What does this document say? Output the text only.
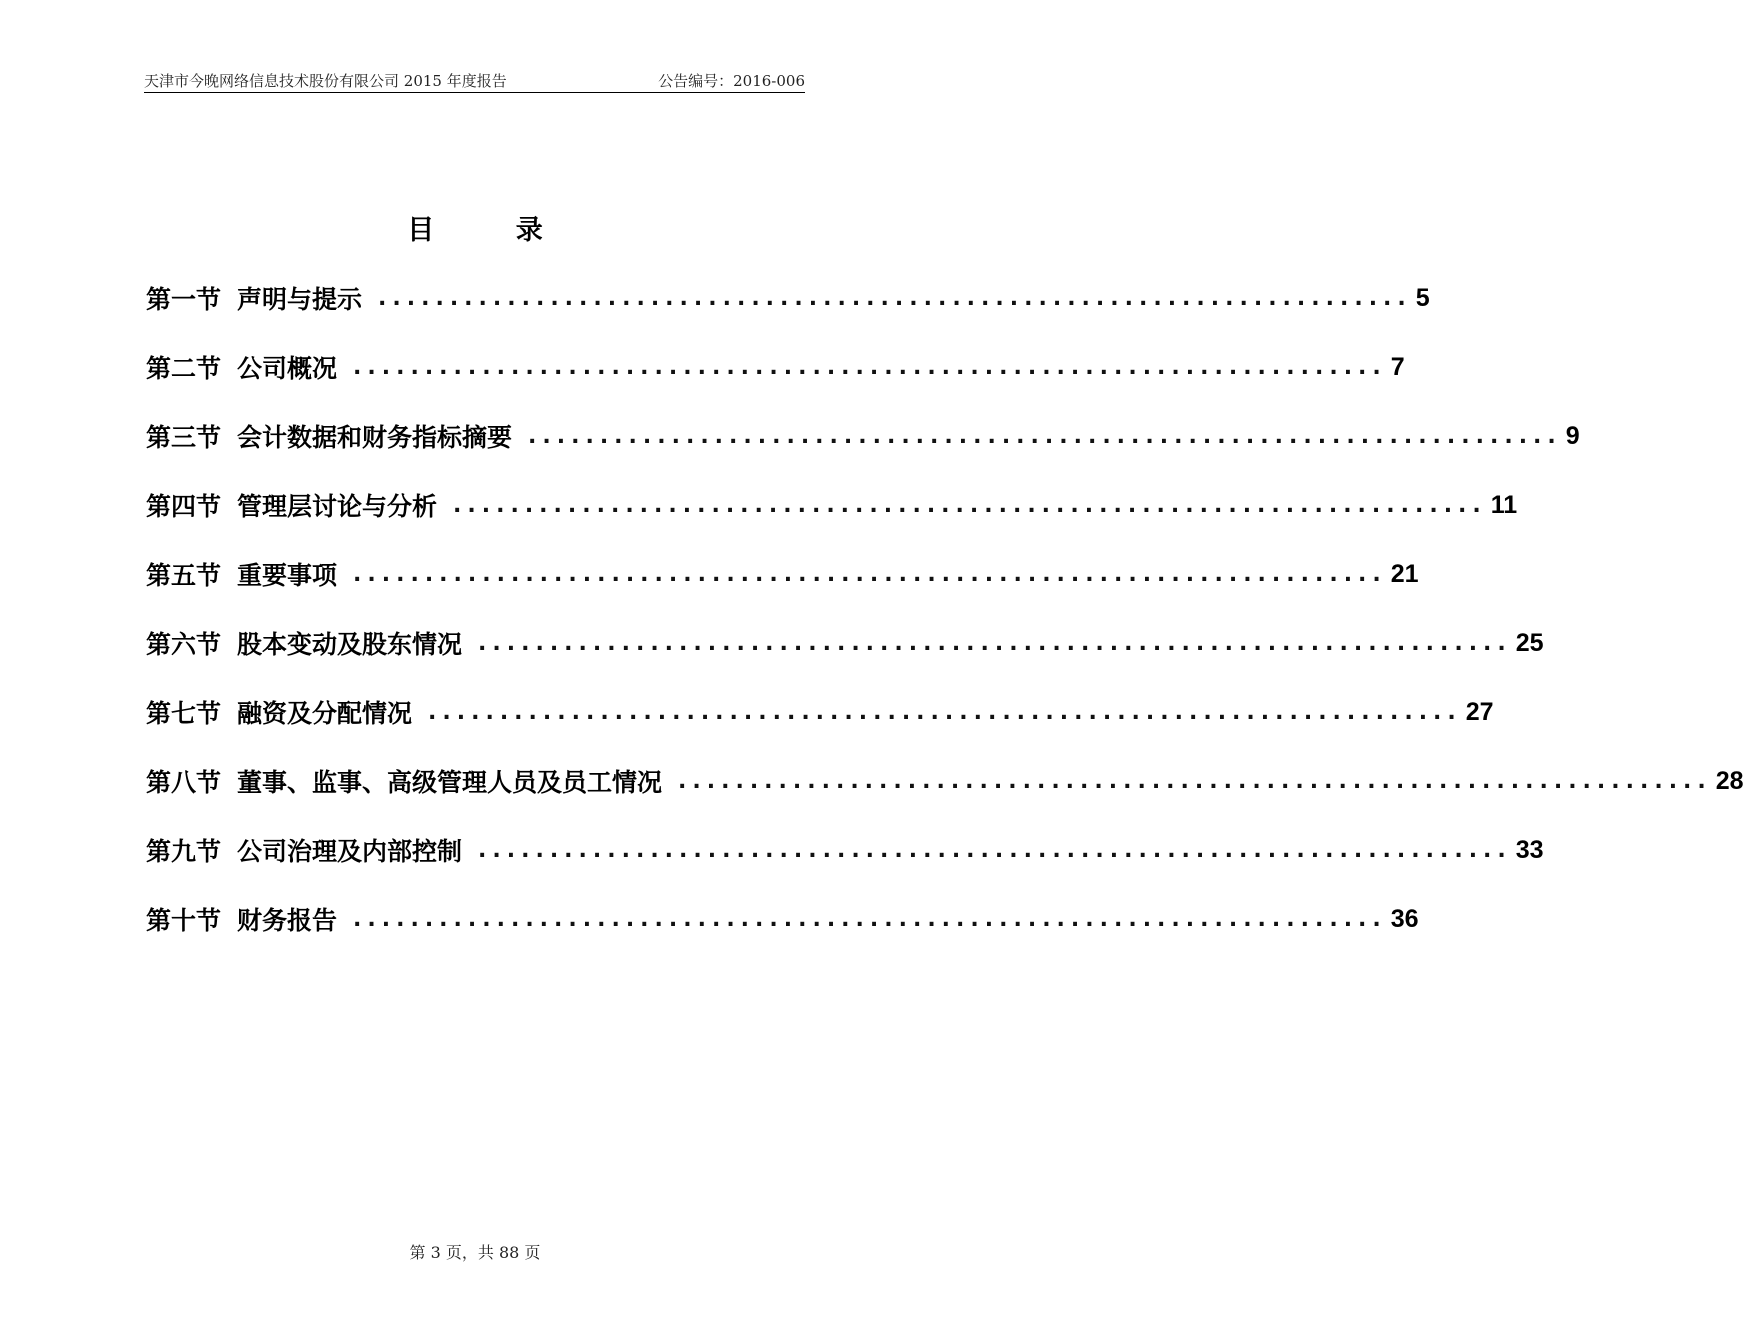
天津市今晚网络信息技术股份有限公司 2015 年度报告	公告编号：2016-006
目 录
第一节 声明与提示 ........................................................................ 5
第二节 公司概况 ........................................................................ 7
第三节 会计数据和财务指标摘要 ........................................................................ 9
第四节 管理层讨论与分析 ........................................................................ 11
第五节 重要事项 ........................................................................ 21
第六节 股本变动及股东情况 ........................................................................ 25
第七节 融资及分配情况 ........................................................................ 27
第八节 董事、监事、高级管理人员及员工情况 ........................................................................ 28
第九节 公司治理及内部控制 ........................................................................ 33
第十节 财务报告 ........................................................................ 36
第 3 页，共 88 页
